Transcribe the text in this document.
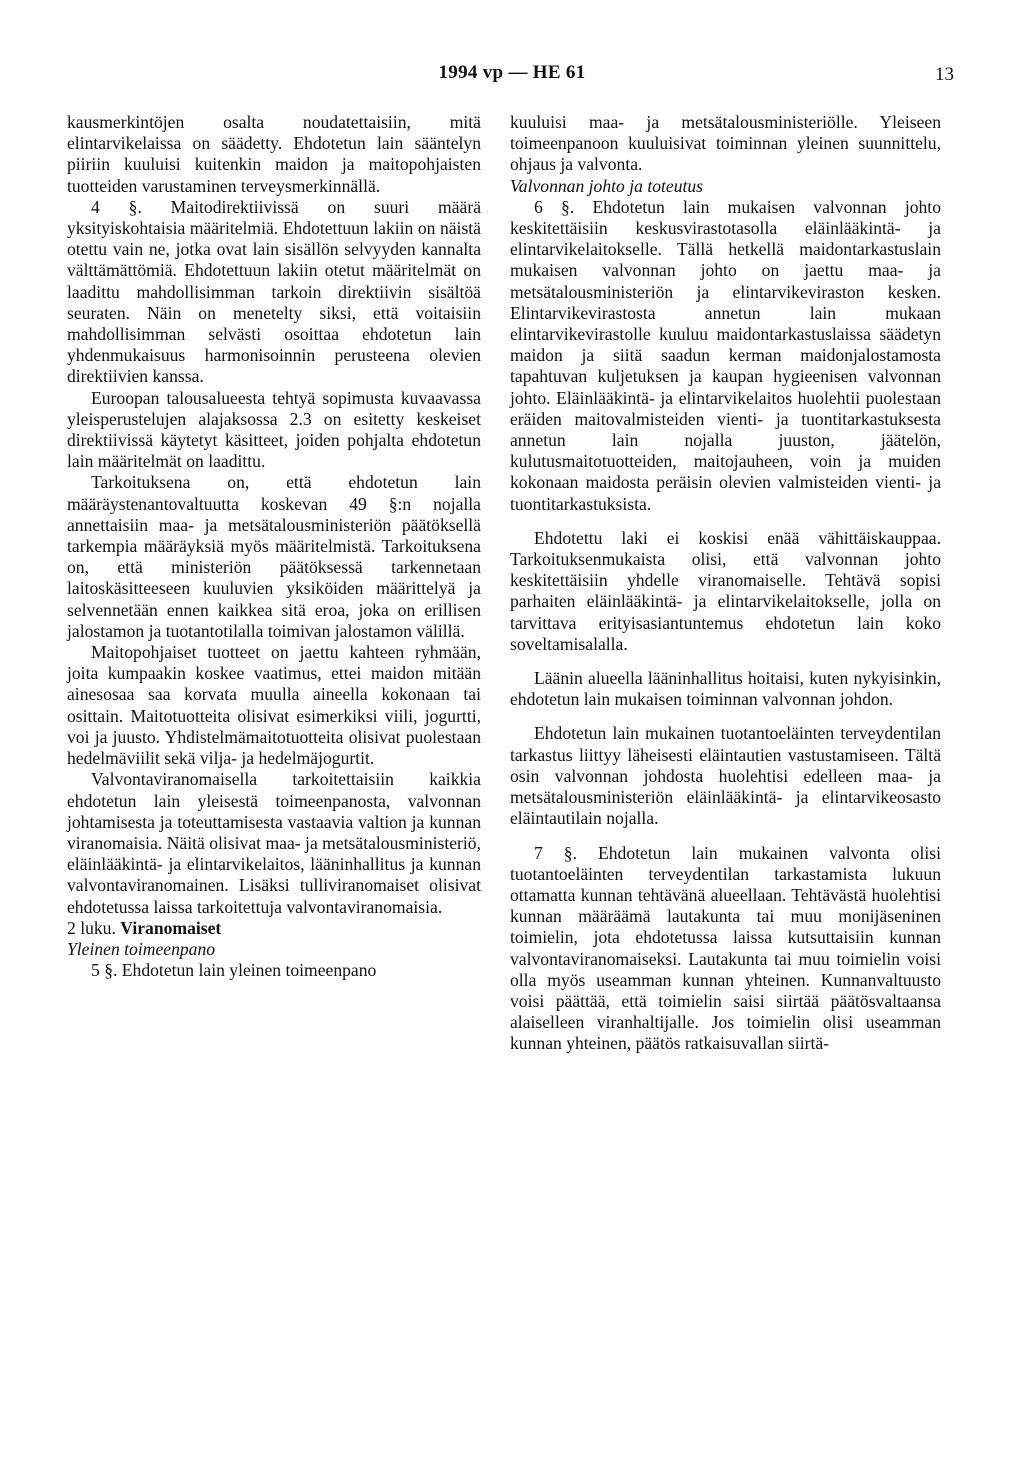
1994 vp — HE 61	13

kausmerkintöjen osalta noudatettaisiin, mitä elintarvikelaissa on säädetty. Ehdotetun lain sääntelyn piiriin kuuluisi kuitenkin maidon ja maitopohjaisten tuotteiden varustaminen terveysmerkinnällä.

4 §. Maitodirektiivissä on suuri määrä yksityiskohtaisia määritelmiä. Ehdotettuun lakiin on näistä otettu vain ne, jotka ovat lain sisällön selvyyden kannalta välttämättömiä. Ehdotettuun lakiin otetut määritelmät on laadittu mahdollisimman tarkoin direktiivin sisältöä seuraten. Näin on menetelty siksi, että voitaisiin mahdollisimman selvästi osoittaa ehdotetun lain yhdenmukaisuus harmonisoinnin perusteena olevien direktiivien kanssa.

Euroopan talousalueesta tehtyä sopimusta kuvaavassa yleisperustelujen alajaksossa 2.3 on esitetty keskeiset direktiivissä käytetyt käsitteet, joiden pohjalta ehdotetun lain määritelmät on laadittu.

Tarkoituksena on, että ehdotetun lain määräystenantovaltuutta koskevan 49 §:n nojalla annettaisiin maa- ja metsätalousministeriön päätöksellä tarkempia määräyksiä myös määritelmistä. Tarkoituksena on, että ministeriön päätöksessä tarkennetaan laitoskäsitteeseen kuuluvien yksiköiden määrittelyä ja selvennetään ennen kaikkea sitä eroa, joka on erillisen jalostamon ja tuotantotilalla toimivan jalostamon välillä.

Maitopohjaiset tuotteet on jaettu kahteen ryhmään, joita kumpaakin koskee vaatimus, ettei maidon mitään ainesosaa saa korvata muulla aineella kokonaan tai osittain. Maitotuotteita olisivat esimerkiksi viili, jogurtti, voi ja juusto. Yhdistelmämaitotuotteita olisivat puolestaan hedelmäviilit sekä vilja- ja hedelmäjogurtit.

Valvontaviranomaisella tarkoitettaisiin kaikkia ehdotetun lain yleisestä toimeenpanosta, valvonnan johtamisesta ja toteuttamisesta vastaavia valtion ja kunnan viranomaisia. Näitä olisivat maa- ja metsätalousministeriö, eläinlääkintä- ja elintarvikelaitos, lääninhallitus ja kunnan valvontaviranomainen. Lisäksi tulliviranomaiset olisivat ehdotetussa laissa tarkoitettuja valvontaviranomaisia.

2 luku. Viranomaiset

Yleinen toimeenpano

5 §. Ehdotetun lain yleinen toimeenpano

kuuluisi maa- ja metsätalousministeriölle. Yleiseen toimeenpanoon kuuluisivat toiminnan yleinen suunnittelu, ohjaus ja valvonta.

Valvonnan johto ja toteutus

6 §. Ehdotetun lain mukaisen valvonnan johto keskitettäisiin keskusvirastotasolla eläinlääkintä- ja elintarvikelaitokselle. Tällä hetkellä maidontarkastuslain mukaisen valvonnan johto on jaettu maa- ja metsätalousministeriön ja elintarvikeviraston kesken. Elintarvikevirastosta annetun lain mukaan elintarvikevirastolle kuuluu maidontarkastuslaissa säädetyn maidon ja siitä saadun kerman maidonjalostamosta tapahtuvan kuljetuksen ja kaupan hygieenisen valvonnan johto. Eläinlääkintä- ja elintarvikelaitos huolehtii puolestaan eräiden maitovalmisteiden vienti- ja tuontitarkastuksesta annetun lain nojalla juuston, jäätelön, kulutusmaitotuotteiden, maitojauheen, voin ja muiden kokonaan maidosta peräisin olevien valmisteiden vienti- ja tuontitarkastuksista.

Ehdotettu laki ei koskisi enää vähittäiskauppaa. Tarkoituksenmukaista olisi, että valvonnan johto keskitettäisiin yhdelle viranomaiselle. Tehtävä sopisi parhaiten eläinlääkintä- ja elintarvikelaitokselle, jolla on tarvittava erityisasiantuntemus ehdotetun lain koko soveltamisalalla.

Läänin alueella lääninhallitus hoitaisi, kuten nykyisinkin, ehdotetun lain mukaisen toiminnan valvonnan johdon.

Ehdotetun lain mukainen tuotantoeläinten terveydentilan tarkastus liittyy läheisesti eläintautien vastustamiseen. Tältä osin valvonnan johdosta huolehtisi edelleen maa- ja metsätalousministeriön eläinlääkintä- ja elintarvikeosasto eläintautilain nojalla.

7 §. Ehdotetun lain mukainen valvonta olisi tuotantoeläinten terveydentilan tarkastamista lukuun ottamatta kunnan tehtävänä alueellaan. Tehtävästä huolehtisi kunnan määräämä lautakunta tai muu monijäseninen toimielin, jota ehdotetussa laissa kutsuttaisiin kunnan valvontaviranomaiseksi. Lautakunta tai muu toimielin voisi olla myös useamman kunnan yhteinen. Kunnanvaltuusto voisi päättää, että toimielin saisi siirtää päätösvaltaansa alaiselleen viranhaltijalle. Jos toimielin olisi useamman kunnan yhteinen, päätös ratkaisuvallan siirtä-
